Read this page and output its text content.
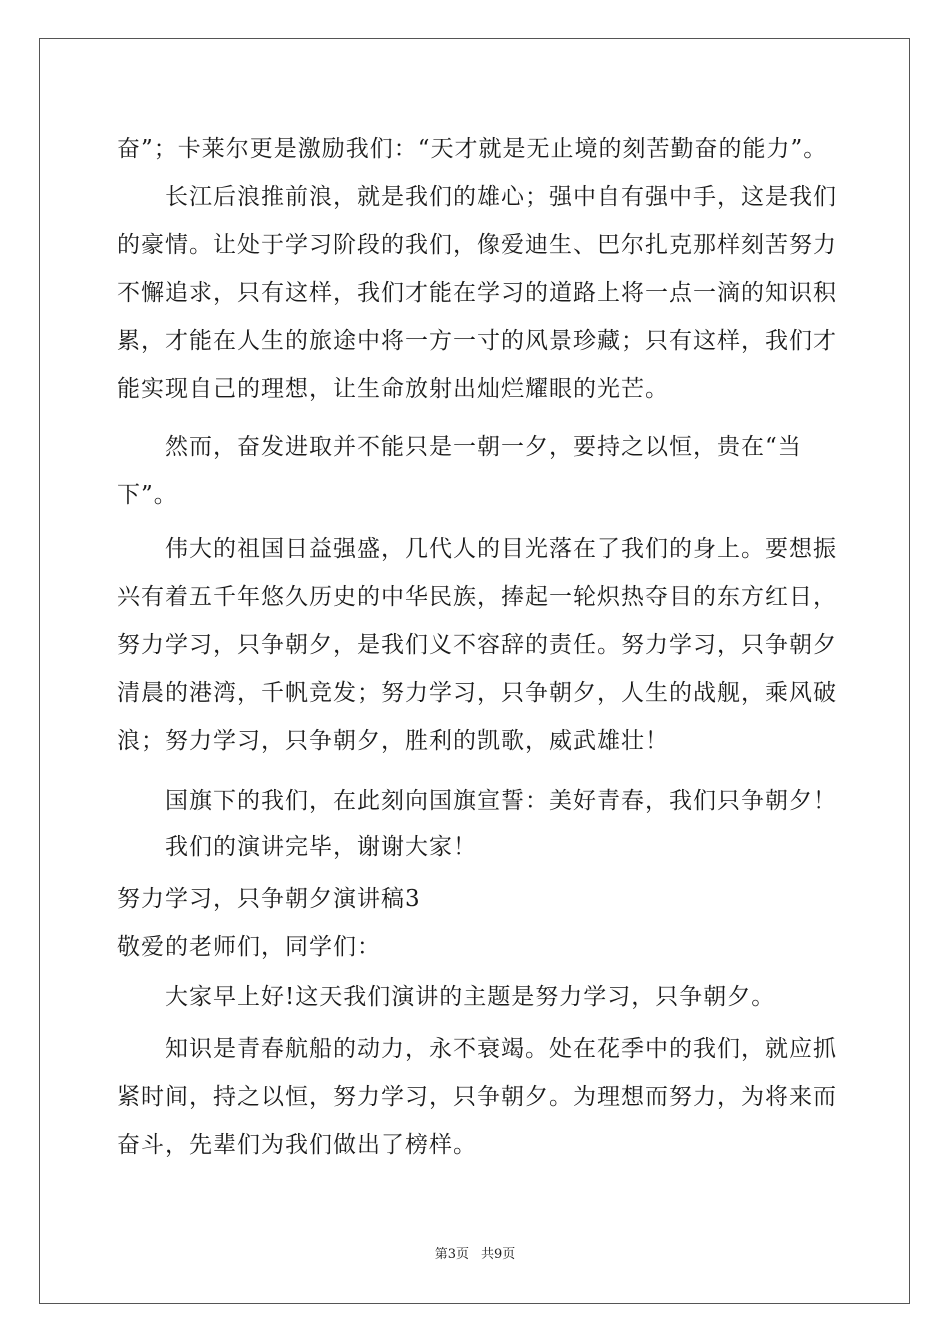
奋”；卡莱尔更是激励我们：“天才就是无止境的刻苦勤奋的能力”。
长江后浪推前浪，就是我们的雄心；强中自有强中手，这是我们
的豪情。让处于学习阶段的我们，像爱迪生、巴尔扎克那样刻苦努力
不懈追求，只有这样，我们才能在学习的道路上将一点一滴的知识积
累，才能在人生的旅途中将一方一寸的风景珍藏；只有这样，我们才
能实现自己的理想，让生命放射出灿烂耀眼的光芒。
然而，奋发进取并不能只是一朝一夕，要持之以恒，贵在“当
下”。
伟大的祖国日益强盛，几代人的目光落在了我们的身上。要想振
兴有着五千年悠久历史的中华民族，捧起一轮炽热夺目的东方红日，
努力学习，只争朝夕，是我们义不容辞的责任。努力学习，只争朝夕
清晨的港湾，千帆竞发；努力学习，只争朝夕，人生的战舰，乘风破
浪；努力学习，只争朝夕，胜利的凯歌，威武雄壮！
国旗下的我们，在此刻向国旗宣誓：美好青春，我们只争朝夕！
我们的演讲完毕，谢谢大家！
努力学习，只争朝夕演讲稿3
敬爱的老师们，同学们：
大家早上好!这天我们演讲的主题是努力学习，只争朝夕。
知识是青春航船的动力，永不衰竭。处在花季中的我们，就应抓
紧时间，持之以恒，努力学习，只争朝夕。为理想而努力，为将来而
奋斗，先辈们为我们做出了榜样。
第3页 共9页
